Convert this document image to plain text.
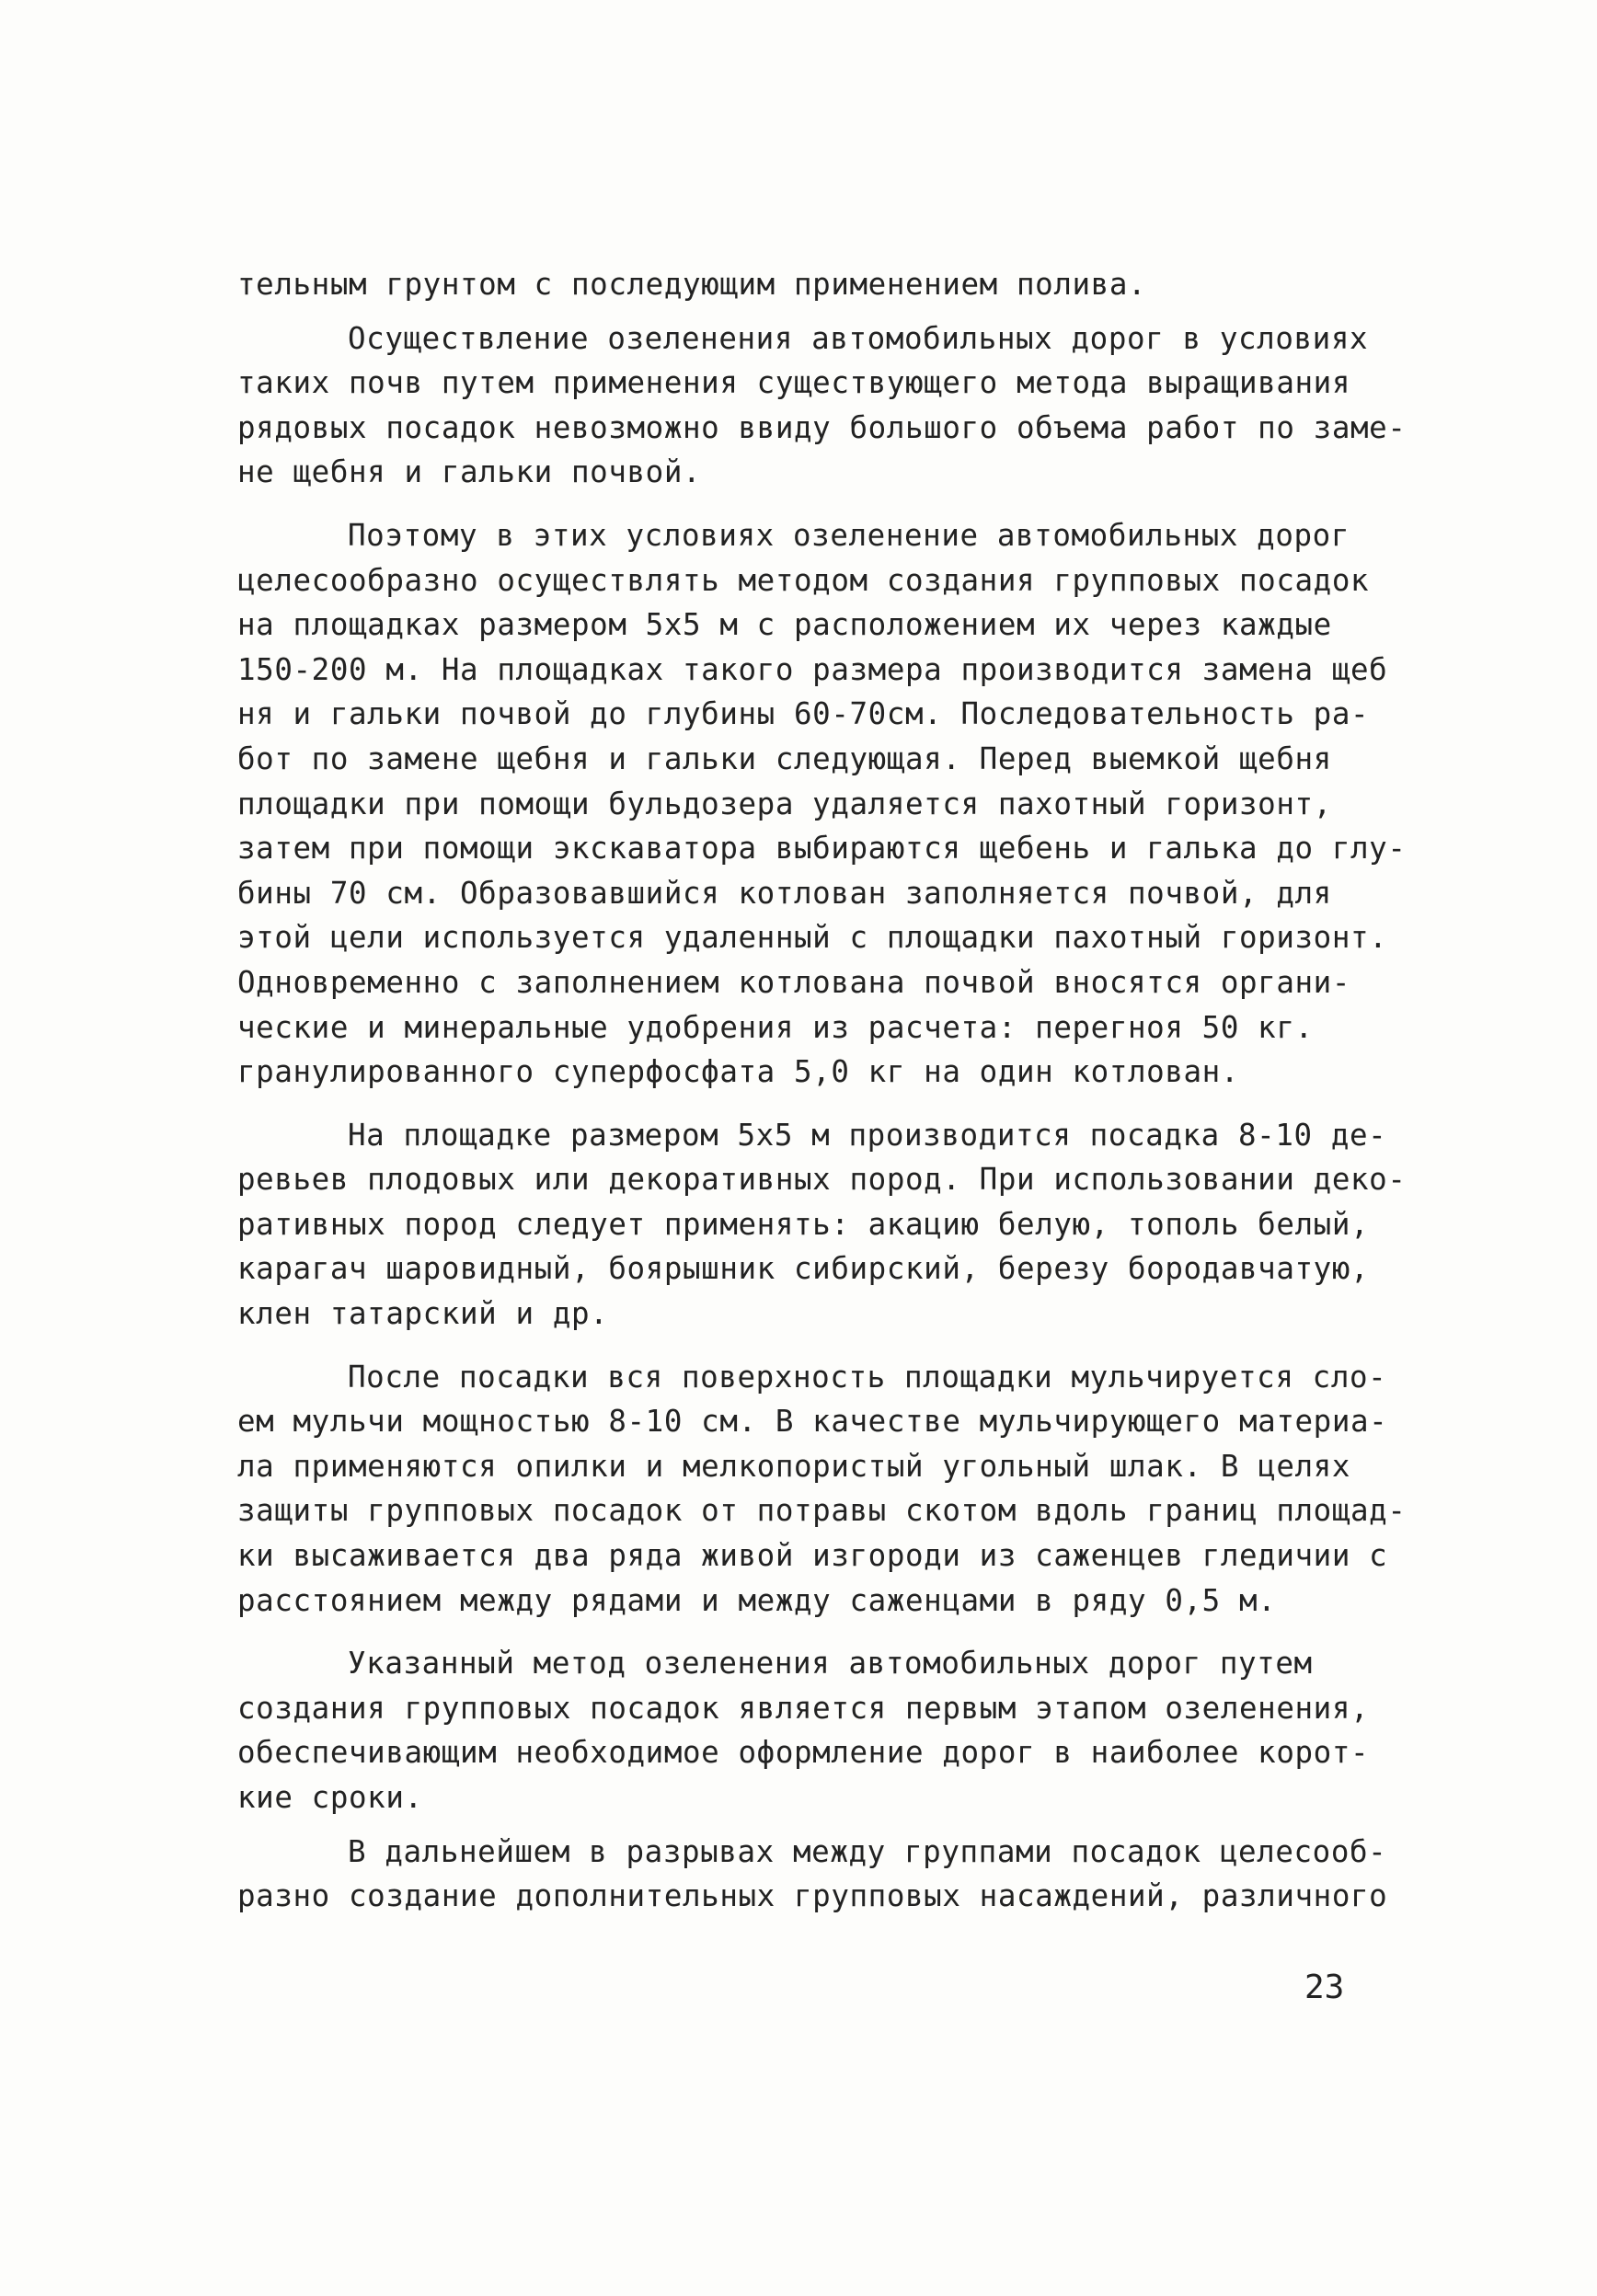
тельным грунтом с последующим применением полива.
Осуществление озеленения автомобильных дорог в условиях
таких почв путем применения существующего метода выращивания
рядовых посадок невозможно ввиду большого объема работ по заме-
не щебня и гальки почвой.
Поэтому в этих условиях озеленение автомобильных дорог
целесообразно осуществлять методом создания групповых посадок
на площадках размером 5х5 м с расположением их через каждые
150-200 м. На площадках такого размера производится замена щеб
ня и гальки почвой до глубины 60-70см. Последовательность ра-
бот по замене щебня и гальки следующая. Перед выемкой щебня
площадки при помощи бульдозера удаляется пахотный горизонт,
затем при помощи экскаватора выбираются щебень и галька до глу-
бины 70 см. Образовавшийся котлован заполняется почвой, для
этой цели используется удаленный с площадки пахотный горизонт.
Одновременно с заполнением котлована почвой вносятся органи-
ческие и минеральные удобрения из расчета: перегноя 50 кг.
гранулированного суперфосфата 5,0 кг на один котлован.
На площадке размером 5х5 м производится посадка 8-10 де-
ревьев плодовых или декоративных пород. При использовании деко-
ративных пород следует применять: акацию белую, тополь белый,
карагач шаровидный, боярышник сибирский, березу бородавчатую,
клен татарский и др.
После посадки вся поверхность площадки мульчируется сло-
ем мульчи мощностью 8-10 см. В качестве мульчирующего материа-
ла применяются опилки и мелкопористый угольный шлак. В целях
защиты групповых посадок от потравы скотом вдоль границ площад-
ки высаживается два ряда живой изгороди из саженцев гледичии с
расстоянием между рядами и между саженцами в ряду 0,5 м.
Указанный метод озеленения автомобильных дорог путем
создания групповых посадок является первым этапом озеленения,
обеспечивающим необходимое оформление дорог в наиболее корот-
кие сроки.
В дальнейшем в разрывах между группами посадок целесооб-
разно создание дополнительных групповых насаждений, различного
23
